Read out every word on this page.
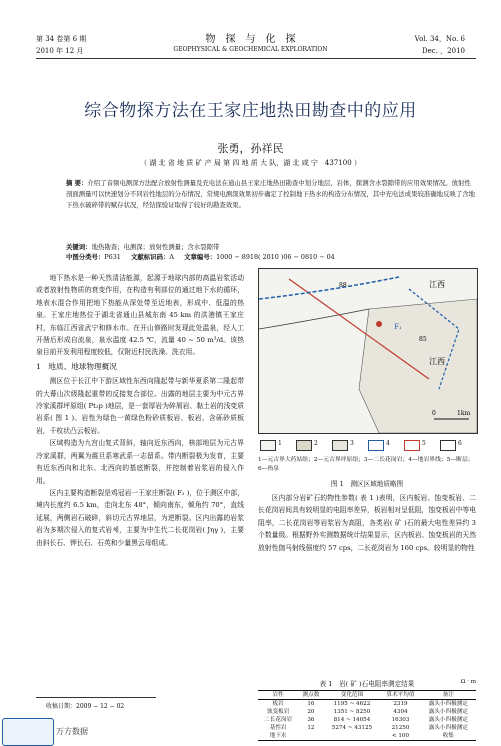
第 34 卷第 6 期
2010 年 12 月
物　探　与　化　探
GEOPHYSICAL & GEOCHEMICAL EXPLORATION
Vol. 34，No. 6
Dec. ，2010
综合物探方法在王家庄地热田勘查中的应用
张勇，孙祥民
（ 湖 北 省 地 质 矿 产 局 第 四 地 质 大 队，湖 北 咸 宁　437100 ）
摘 要：介绍了音频电测深方法配合放射性测量及充电法在通山县王家庄地热田勘查中划分地层、岩体，探测含水裂隙带的应用效果情况。放射性剖面测量可以快速划分不同岩性地层的分布情况，常规电测深效果初步确定了控制地下热水的构造分布情况，其中充电法成果较准确地反映了含地下热水破碎带的赋存状况，经钻探验证取得了较好的勘查效果。
关键词：地热勘查；电测深；放射性测量；含水裂隙带
中图分类号：P631 文献标识码：A 文章编号：1000 − 8918( 2010 )06 − 0810 − 04

地下热水是一种天然清洁能源，起源于地球内部的高温岩浆活动或者放射性物质的衰变作用，在构造有利部位的通过地下水的循环，地表水混合作用把地下热能从深处带至近地表，形成中、低温的热泉。王家庄地热位于湖北省通山县城东南 45 km 的洪港镇王家庄村，东临江西省武宁和修水市。在开山修路时发现此处温泉，经人工开凿后形成自流泉，泉水温度 42.5 ℃，流量 40 ~ 50 m³/d。该热泉目前开发利用程度较低，仅附近村民洗澡、洗衣用。

1　地质、地球物理概况

测区位于长江中下游区域性东西向隆起带与新华夏系第二隆起带的大幕山次级隆起重带的反接复合部位。出露的地层主要为中元古界冷家溪群坪原组( Pt₂p )地层，是一套厚岩为碎屑岩、黏土岩的浅变质岩系( 图 1 )。岩性为绿色一黄绿色粉砂质板岩、板岩、含砾砂质板岩，千枚状凸云板岩。

区域构造为九宫山复式背斜，轴向近东西向，核部地层为元古界冷家溪群，两翼为震旦系寒武系一志留系。带内断裂极为发育，主要有近东西向和北东、北西向的基底断裂，并控制着岩浆岩的侵入作用。

区内主要构造断裂是鸡冠岩一王家庄断裂( F₁ )，位于测区中部，境内长度约 6.5 km，走向北东 48°，倾向南东，倾角约 70°，直线延展，两侧岩石破碎，斜切元古界地层，为逆断裂。区内出露的岩浆岩为多期次侵入的复式岩체，主要为中生代二长花岗岩( Jηγ )，主要由斜长石、钾长石、石英和少量黑云母组成。

江西
江西
F₁
85
88
0	1km
1	2	3	4	5	6
1—元古界大药姑组；2—元古界坪原组；3—二长花岗岩；4—地岩界线；5—断层；6—热泉
图 1　测区区域地质略图

区内部分岩矿石的物性参数( 表 1 )表明，区内板岩、蚀变板岩、二长花岗岩间具有较明显的电阻率差异，板岩相对呈低阻，蚀变板岩中等电阻率，二长花岗岩等岩浆岩为高阻，各类岩( 矿 )石的最大电性差异约 3 个数量级。根据野外实测数据统计结果显示，区内板岩、蚀变板岩的天然放射性伽马射线强度约 57 cps，二长花岗岩为 160 cps。较明显的物性

表 1　岩( 矿 )石电阻率测定结果	Ω · m
岩性	测点数	变化范围	算术平均值	备注
板岩	16	1195 ~ 4622	2319	露头小四极测定
蚀变板岩	20	1351 ~ 8250	4304	露头小四极测定
二长花岗岩	36	814 ~ 14054	16303	露头小四极测定
基性岩	12	5274 ~ 43125	21250	露头小四极测定
地下水			< 100	收集
收稿日期：2009 − 12 − 02
万方数据
